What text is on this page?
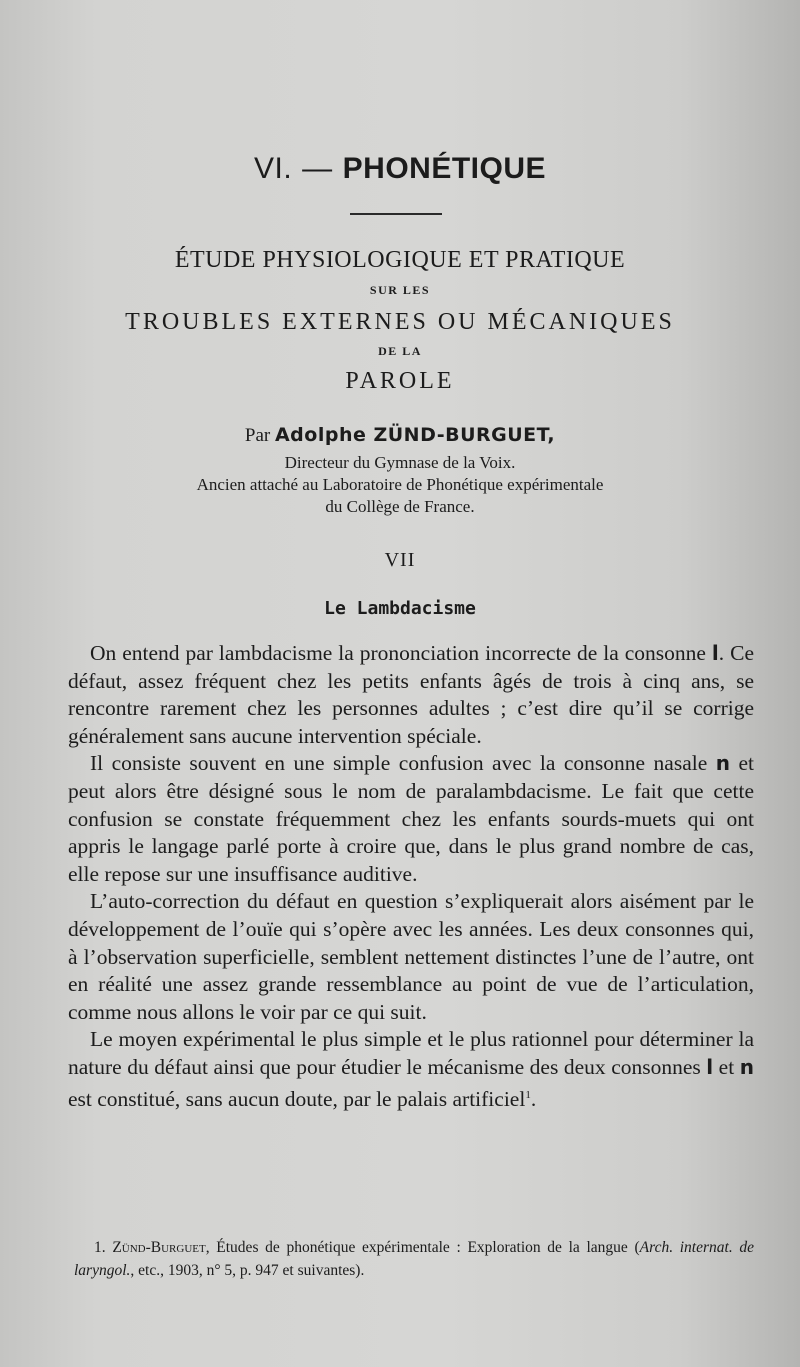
VI. — PHONÉTIQUE
ÉTUDE PHYSIOLOGIQUE ET PRATIQUE
SUR LES
TROUBLES EXTERNES OU MÉCANIQUES
DE LA
PAROLE
Par Adolphe ZÜND-BURGUET,
Directeur du Gymnase de la Voix.
Ancien attaché au Laboratoire de Phonétique expérimentale
du Collège de France.
VII
Le Lambdacisme

On entend par lambdacisme la prononciation incorrecte de la consonne l. Ce défaut, assez fréquent chez les petits enfants âgés de trois à cinq ans, se rencontre rarement chez les personnes adultes ; c’est dire qu’il se corrige généralement sans aucune intervention spéciale.

Il consiste souvent en une simple confusion avec la consonne nasale n et peut alors être désigné sous le nom de paralambdacisme. Le fait que cette confusion se constate fréquemment chez les enfants sourds-muets qui ont appris le langage parlé porte à croire que, dans le plus grand nombre de cas, elle repose sur une insuffisance auditive.

L’auto-correction du défaut en question s’expliquerait alors aisément par le développement de l’ouïe qui s’opère avec les années. Les deux consonnes qui, à l’observation superficielle, semblent nettement distinctes l’une de l’autre, ont en réalité une assez grande ressemblance au point de vue de l’articulation, comme nous allons le voir par ce qui suit.

Le moyen expérimental le plus simple et le plus rationnel pour déterminer la nature du défaut ainsi que pour étudier le mécanisme des deux consonnes l et n est constitué, sans aucun doute, par le palais artificiel$^1$.

1. Zünd-Burguet, Études de phonétique expérimentale : Exploration de la langue (Arch. internat. de laryngol., etc., 1903, n° 5, p. 947 et suivantes).
